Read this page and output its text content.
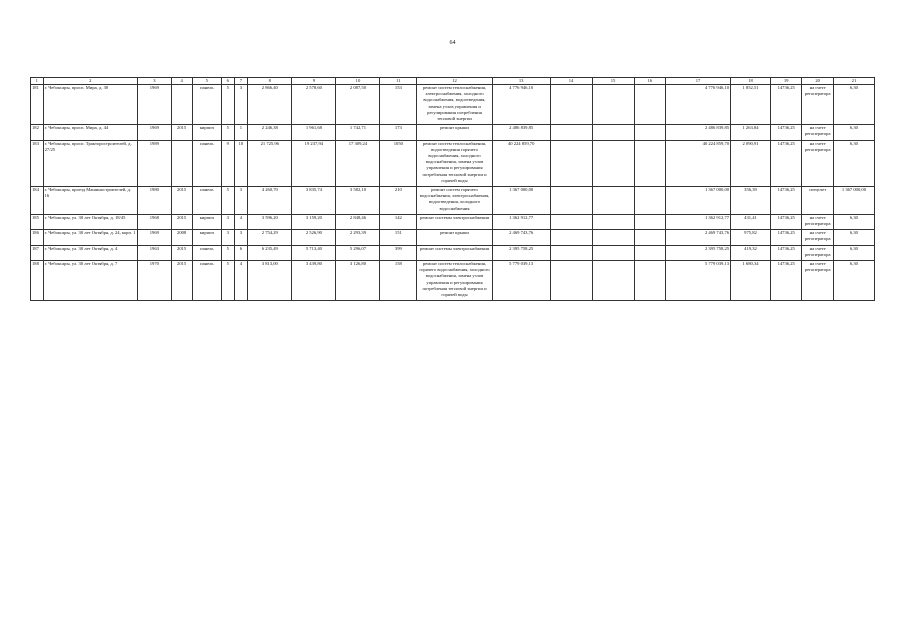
64
1	2	3	4	5	6	7	8	9	10	11	12	13	14	15	16	17	18	19	20	21
181	г. Чебоксары, просп. Мира, д. 30	1969		панель	5	3	2 866,40	2 578,60	2 087,50	153	ремонт систем теплоснабжения, электроснабжения, холодного водоснабжения, водоотведения, замена узлов управления и регулирования потребления тепловой энергии	4 776 946,10				4 776 946,10	1 852,51	14736,25	на счете регоператора	6,30

182	г. Чебоксары, просп. Мира, д. 44	1969	2015	кирпич	5	1	2 246,38	1 961,68	1 742,71	173	ремонт крыши	2 486 839,85				2 486 839,85	1 263,84	14736,25	на счете регоператора	6,30

183	г. Чебоксары, просп. Тракторостроителей, д. 27/25	1989		панель	9	10	21 725,96	19 237,94	17 309,24	1050	ремонт систем теплоснабжения, водоотведения горячего водоснабжения, холодного водоснабжения, замена узлов управления и регулирования потребления тепловой энергии и горячей воды	40 224 859,70				40 224 859,70	2 090,91	14736,25	на счете регоператора	6,30

184	г. Чебоксары, проезд Машиностроителей, д. 16	1980	2015	панель	5	3	4 260,70	3 835,74	3 582,10	210	ремонт систем горячего водоснабжения, электроснабжения, водоотведения, холодного водоснабжения	1 367 000,00				1 367 000,00	356,39	14736,25	спецсчет	1 367 000,00

185	г. Чебоксары, ул. 30 лет Октября, д. 18/45	1968	2015	кирпич	3	4	3 596,20	3 159,20	2 848,46	142	ремонт системы электроснабжения	1 362 912,77				1 362 912,77	431,41	14736,25	на счете регоператора	6,30

186	г. Чебоксары, ул. 30 лет Октября, д. 24, корп. 1	1969	2008	кирпич	3	3	2 754,29	2 526,90	2 293,39	151	ремонт крыши	2 469 743,76				2 469 743,76	975,82	14736,25	на счете регоператора	6,30

187	г. Чебоксары, ул. 30 лет Октября, д. 4	1963	2015	панель	5	6	6 235,49	5 713,40	5 296,07	399	ремонт системы электроснабжения	2 395 758,25				2 395 758,25	419,32	14736,25	на счете регоператора	6,30

188	г. Чебоксары, ул. 30 лет Октября, д. 7	1970	2015	панель	5	4	3 813,00	3 439,80	3 126,80	158	ремонт систем теплоснабжения, горячего водоснабжения, холодного водоснабжения, замена узлов управления и регулирования потребления тепловой энергии и горячей воды	5 779 039,13				5 779 039,13	1 680,34	14736,25	на счете регоператора	6,30
